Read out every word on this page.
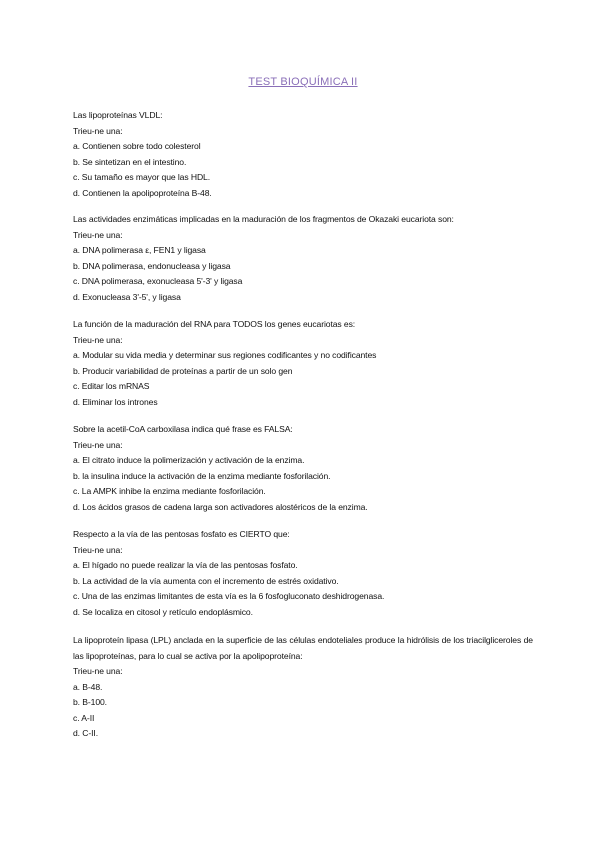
TEST BIOQUÍMICA II
Las lipoproteínas VLDL:
Trieu-ne una:
a. Contienen sobre todo colesterol
b. Se sintetizan en el intestino.
c. Su tamaño es mayor que las HDL.
d. Contienen la apolipoproteína B-48.
Las actividades enzimáticas implicadas en la maduración de los fragmentos de Okazaki eucariota son:
Trieu-ne una:
a. DNA polimerasa ε, FEN1 y ligasa
b. DNA polimerasa, endonucleasa y ligasa
c. DNA polimerasa, exonucleasa 5'-3' y ligasa
d. Exonucleasa 3'-5', y ligasa
La función de la maduración del RNA para TODOS los genes eucariotas es:
Trieu-ne una:
a. Modular su vida media y determinar sus regiones codificantes y no codificantes
b. Producir variabilidad de proteínas a partir de un solo gen
c. Editar los mRNAS
d. Eliminar los intrones
Sobre la acetil-CoA carboxilasa indica qué frase es FALSA:
Trieu-ne una:
a. El citrato induce la polimerización y activación de la enzima.
b. la insulina induce la activación de la enzima mediante fosforilación.
c. La AMPK inhibe la enzima mediante fosforilación.
d. Los ácidos grasos de cadena larga son activadores alostéricos de la enzima.
Respecto a la vía de las pentosas fosfato es CIERTO que:
Trieu-ne una:
a. El hígado no puede realizar la vía de las pentosas fosfato.
b. La actividad de la vía aumenta con el incremento de estrés oxidativo.
c. Una de las enzimas limitantes de esta vía es la 6 fosfogluconato deshidrogenasa.
d. Se localiza en citosol y retículo endoplásmico.
La lipoproteín lipasa (LPL) anclada en la superficie de las células endoteliales produce la hidrólisis de los triacilgliceroles de las lipoproteínas, para lo cual se activa por la apolipoproteína:
Trieu-ne una:
a. B-48.
b. B-100.
c. A-II
d. C-II.
